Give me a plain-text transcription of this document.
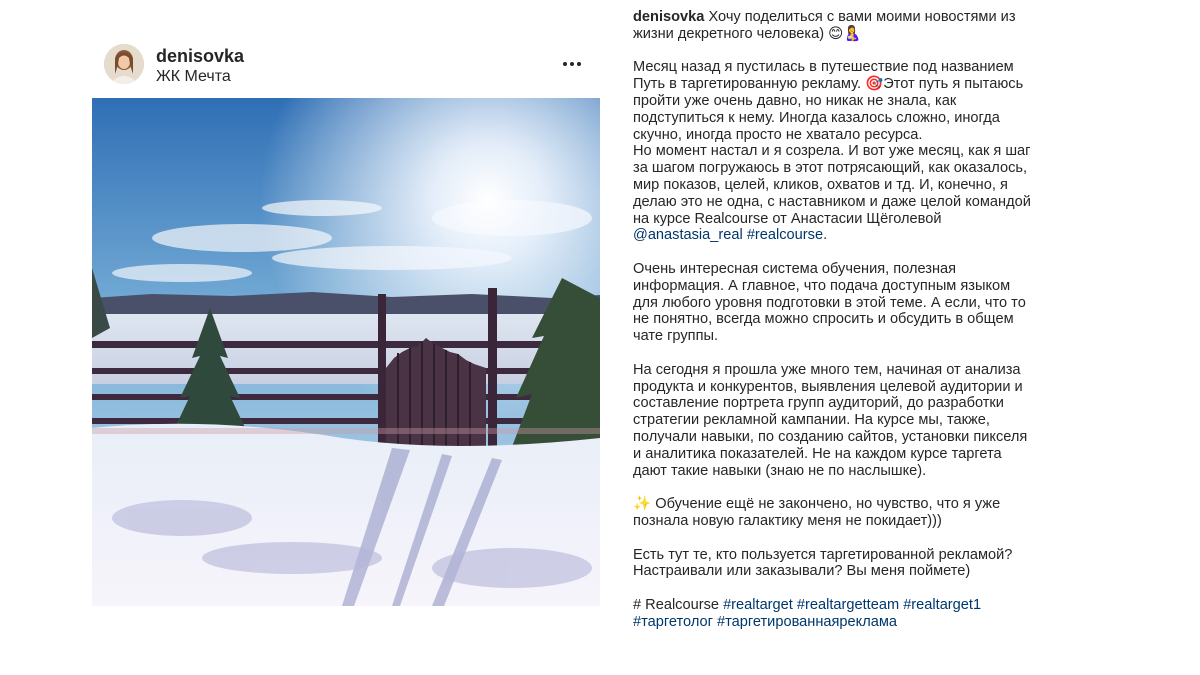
denisovka
ЖК Мечта

denisovka Хочу поделиться с вами моими новостями из жизни декретного человека) 😊🤱

Месяц назад я пустилась в путешествие под названием Путь в таргетированную рекламу. 🎯Этот путь я пытаюсь пройти уже очень давно, но никак не знала, как подступиться к нему. Иногда казалось сложно, иногда скучно, иногда просто не хватало ресурса.

Но момент настал и я созрела. И вот уже месяц, как я шаг за шагом погружаюсь в этот потрясающий, как оказалось, мир показов, целей, кликов, охватов и тд. И, конечно, я делаю это не одна, с наставником и даже целой командой на курсе Realcourse от Анастасии Щёголевой @anastasia_real #realcourse.

Очень интересная система обучения, полезная информация. А главное, что подача доступным языком для любого уровня подготовки в этой теме. А если, что то не понятно, всегда можно спросить и обсудить в общем чате группы.

На сегодня я прошла уже много тем, начиная от анализа продукта и конкурентов, выявления целевой аудитории и составление портрета групп аудиторий, до разработки стратегии рекламной кампании. На курсе мы, также, получали навыки, по созданию сайтов, установки пикселя и аналитика показателей. Не на каждом курсе таргета дают такие навыки (знаю не по наслышке).

✨ Обучение ещё не закончено, но чувство, что я уже познала новую галактику меня не покидает)))

Есть тут те, кто пользуется таргетированной рекламой? Настраивали или заказывали? Вы меня поймете)

# Realcourse #realtarget #realtargetteam #realtarget1 #таргетолог #таргетированнаяреклама
